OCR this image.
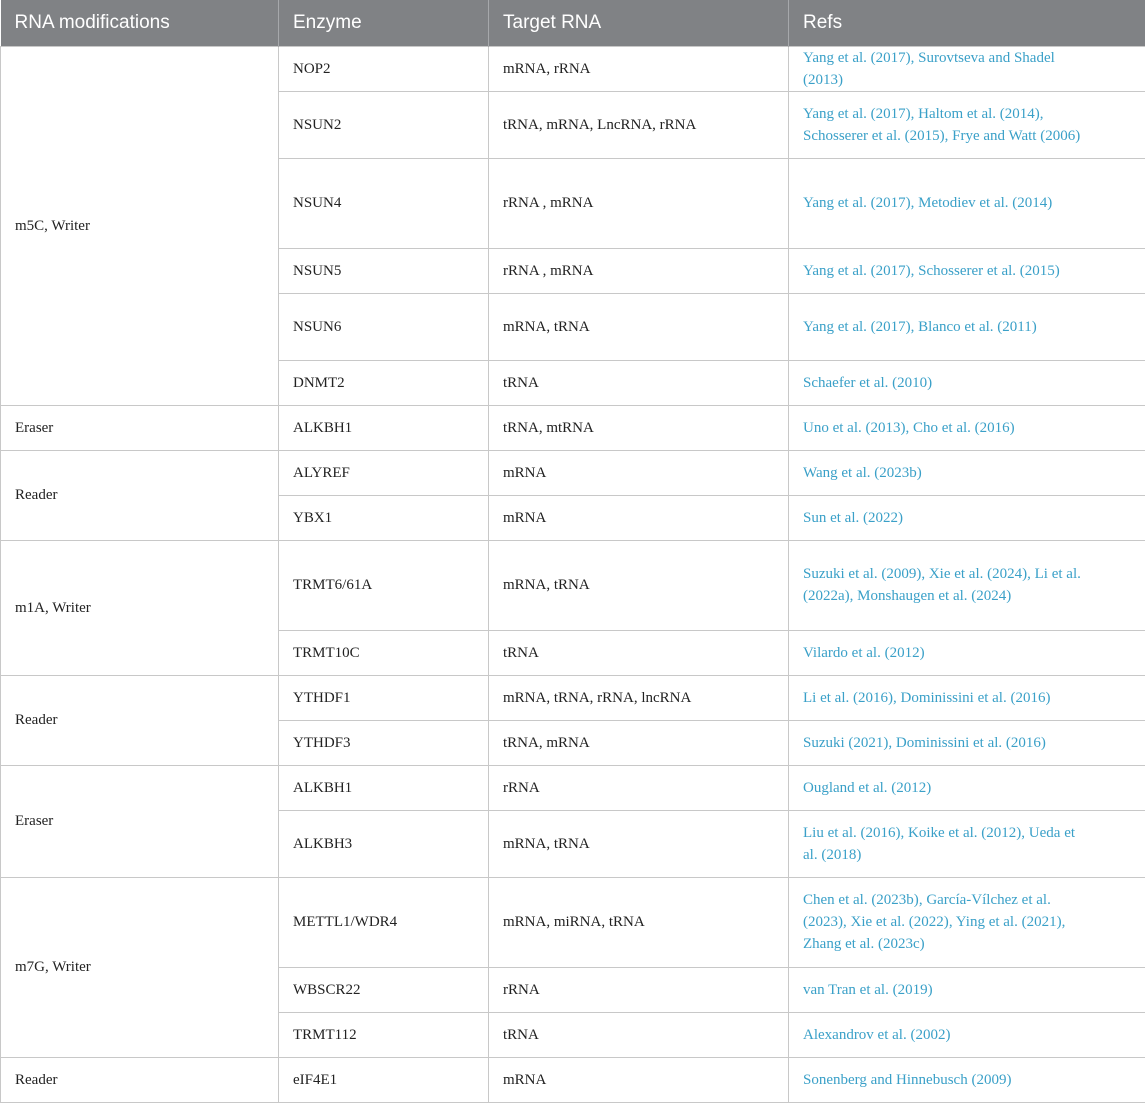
RNA modifications	Enzyme	Target RNA	Refs
m5C, Writer	NOP2	mRNA, rRNA	Yang et al. (2017), Surovtseva and Shadel (2013)
	NSUN2	tRNA, mRNA, LncRNA, rRNA	Yang et al. (2017), Haltom et al. (2014), Schosserer et al. (2015), Frye and Watt (2006)
	NSUN4	rRNA , mRNA	Yang et al. (2017), Metodiev et al. (2014)
	NSUN5	rRNA , mRNA	Yang et al. (2017), Schosserer et al. (2015)
	NSUN6	mRNA, tRNA	Yang et al. (2017), Blanco et al. (2011)
	DNMT2	tRNA	Schaefer et al. (2010)
Eraser	ALKBH1	tRNA, mtRNA	Uno et al. (2013), Cho et al. (2016)
Reader	ALYREF	mRNA	Wang et al. (2023b)
	YBX1	mRNA	Sun et al. (2022)
m1A, Writer	TRMT6/61A	mRNA, tRNA	Suzuki et al. (2009), Xie et al. (2024), Li et al. (2022a), Monshaugen et al. (2024)
	TRMT10C	tRNA	Vilardo et al. (2012)
Reader	YTHDF1	mRNA, tRNA, rRNA, lncRNA	Li et al. (2016), Dominissini et al. (2016)
	YTHDF3	tRNA, mRNA	Suzuki (2021), Dominissini et al. (2016)
Eraser	ALKBH1	rRNA	Ougland et al. (2012)
	ALKBH3	mRNA, tRNA	Liu et al. (2016), Koike et al. (2012), Ueda et al. (2018)
m7G, Writer	METTL1/WDR4	mRNA, miRNA, tRNA	Chen et al. (2023b), García-Vílchez et al. (2023), Xie et al. (2022), Ying et al. (2021), Zhang et al. (2023c)
	WBSCR22	rRNA	van Tran et al. (2019)
	TRMT112	tRNA	Alexandrov et al. (2002)
Reader	eIF4E1	mRNA	Sonenberg and Hinnebusch (2009)
